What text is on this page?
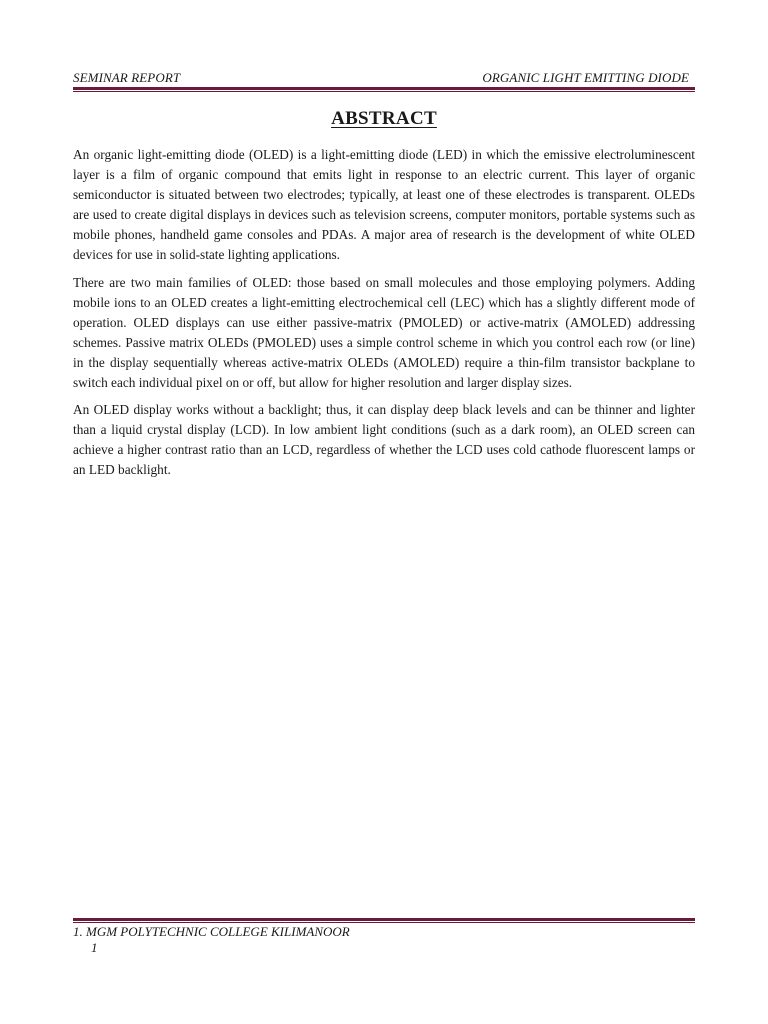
SEMINAR REPORT	ORGANIC LIGHT EMITTING DIODE
ABSTRACT

An organic light-emitting diode (OLED) is a light-emitting diode (LED) in which the emissive electroluminescent layer is a film of organic compound that emits light in response to an electric current. This layer of organic semiconductor is situated between two electrodes; typically, at least one of these electrodes is transparent. OLEDs are used to create digital displays in devices such as television screens, computer monitors, portable systems such as mobile phones, handheld game consoles and PDAs. A major area of research is the development of white OLED devices for use in solid-state lighting applications.

There are two main families of OLED: those based on small molecules and those employing polymers. Adding mobile ions to an OLED creates a light-emitting electrochemical cell (LEC) which has a slightly different mode of operation. OLED displays can use either passive-matrix (PMOLED) or active-matrix (AMOLED) addressing schemes. Passive matrix OLEDs (PMOLED) uses a simple control scheme in which you control each row (or line) in the display sequentially whereas active-matrix OLEDs (AMOLED) require a thin-film transistor backplane to switch each individual pixel on or off, but allow for higher resolution and larger display sizes.

An OLED display works without a backlight; thus, it can display deep black levels and can be thinner and lighter than a liquid crystal display (LCD). In low ambient light conditions (such as a dark room), an OLED screen can achieve a higher contrast ratio than an LCD, regardless of whether the LCD uses cold cathode fluorescent lamps or an LED backlight.

1. MGM POLYTECHNIC COLLEGE KILIMANOOR
1
